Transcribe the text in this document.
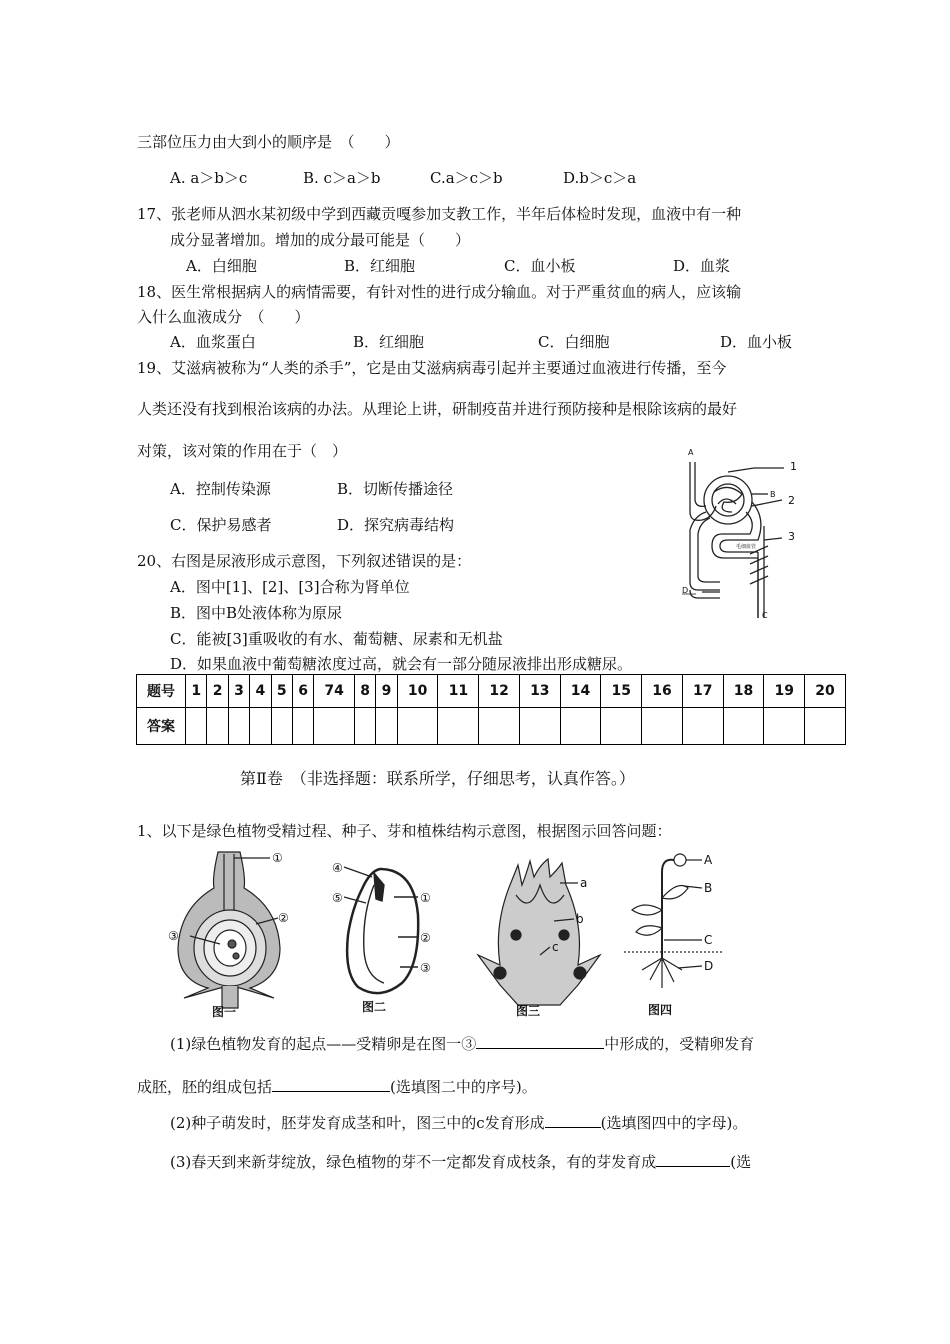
三部位压力由大到小的顺序是　（　　）
A. a＞b＞c	B. c＞a＞b	C.a＞c＞b	D.b＞c＞a
17、张老师从泗水某初级中学到西藏贡嘎参加支教工作，半年后体检时发现，血液中有一种
成分显著增加。增加的成分最可能是（　　）
A．白细胞	B．红细胞	C．血小板	D．血浆
18、医生常根据病人的病情需要，有针对性的进行成分输血。对于严重贫血的病人，应该输
入什么血液成分　（　　）
A．血浆蛋白	B．红细胞	C．白细胞	D．血小板
19、艾滋病被称为“人类的杀手”，它是由艾滋病病毒引起并主要通过血液进行传播，至今
人类还没有找到根治该病的办法。从理论上讲，研制疫苗并进行预防接种是根除该病的最好
对策，该对策的作用在于（　）
A．控制传染源	B．切断传播途径
C．保护易感者	D．探究病毒结构
A
B
C
D
1
2
3
毛细血管
20、右图是尿液形成示意图，下列叙述错误的是：
A．图中[1]、[2]、[3]合称为肾单位
B．图中B处液体称为原尿
C．能被[3]重吸收的有水、葡萄糖、尿素和无机盐
D．如果血液中葡萄糖浓度过高，就会有一部分随尿液排出形成糖尿。
题号	1	2	3	4	5	6	74	8	9	10	11	12	13	14	15	16	17	18	19	20
答案																				
第Ⅱ卷　（非选择题：联系所学，仔细思考，认真作答。）
1、以下是绿色植物受精过程、种子、芽和植株结构示意图，根据图示回答问题：
①
②
③
图一
④
⑤	①
②
③
图二
a
b
c
图三
A
B
C
D
图四
(1)绿色植物发育的起点——受精卵是在图一③	中形成的，受精卵发育
成胚，胚的组成包括	(选填图二中的序号)。
(2)种子萌发时，胚芽发育成茎和叶，图三中的c发育形成	(选填图四中的字母)。
(3)春天到来新芽绽放，绿色植物的芽不一定都发育成枝条，有的芽发育成	(选
